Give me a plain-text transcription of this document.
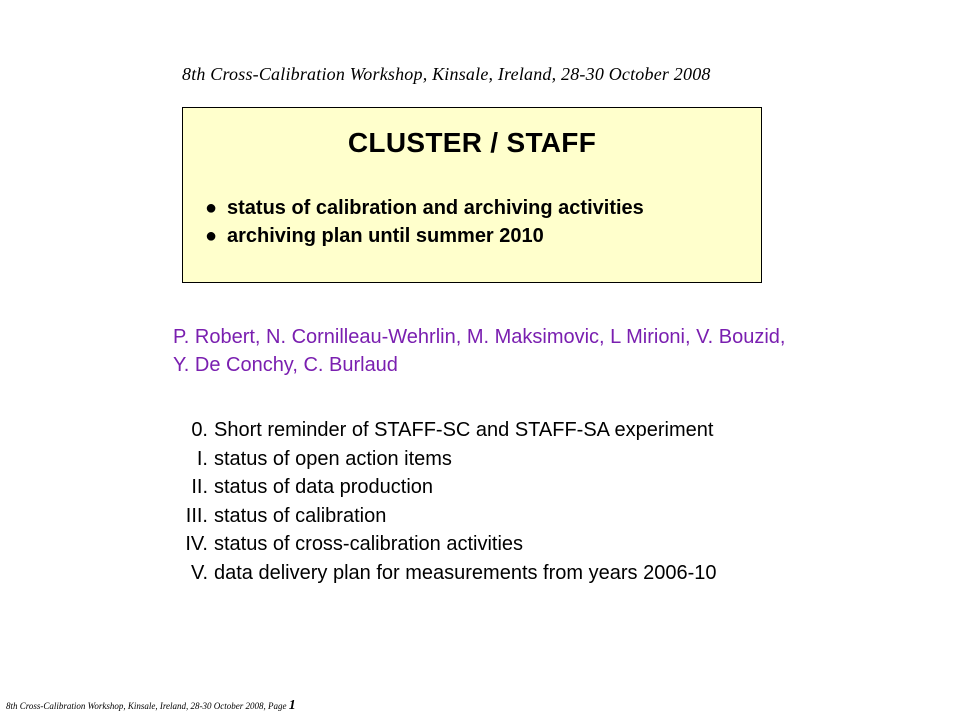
8th Cross-Calibration Workshop, Kinsale, Ireland, 28-30 October 2008
CLUSTER / STAFF
● status of calibration and archiving activities
● archiving plan until summer 2010
P. Robert, N. Cornilleau-Wehrlin, M. Maksimovic, L Mirioni, V. Bouzid,
Y. De Conchy, C. Burlaud
0. Short reminder of STAFF-SC and STAFF-SA experiment
I. status of open action items
II. status of data production
III. status of calibration
IV. status of cross-calibration activities
V. data delivery plan for measurements from years 2006-10
8th Cross-Calibration Workshop, Kinsale, Ireland, 28-30 October 2008, Page 1
